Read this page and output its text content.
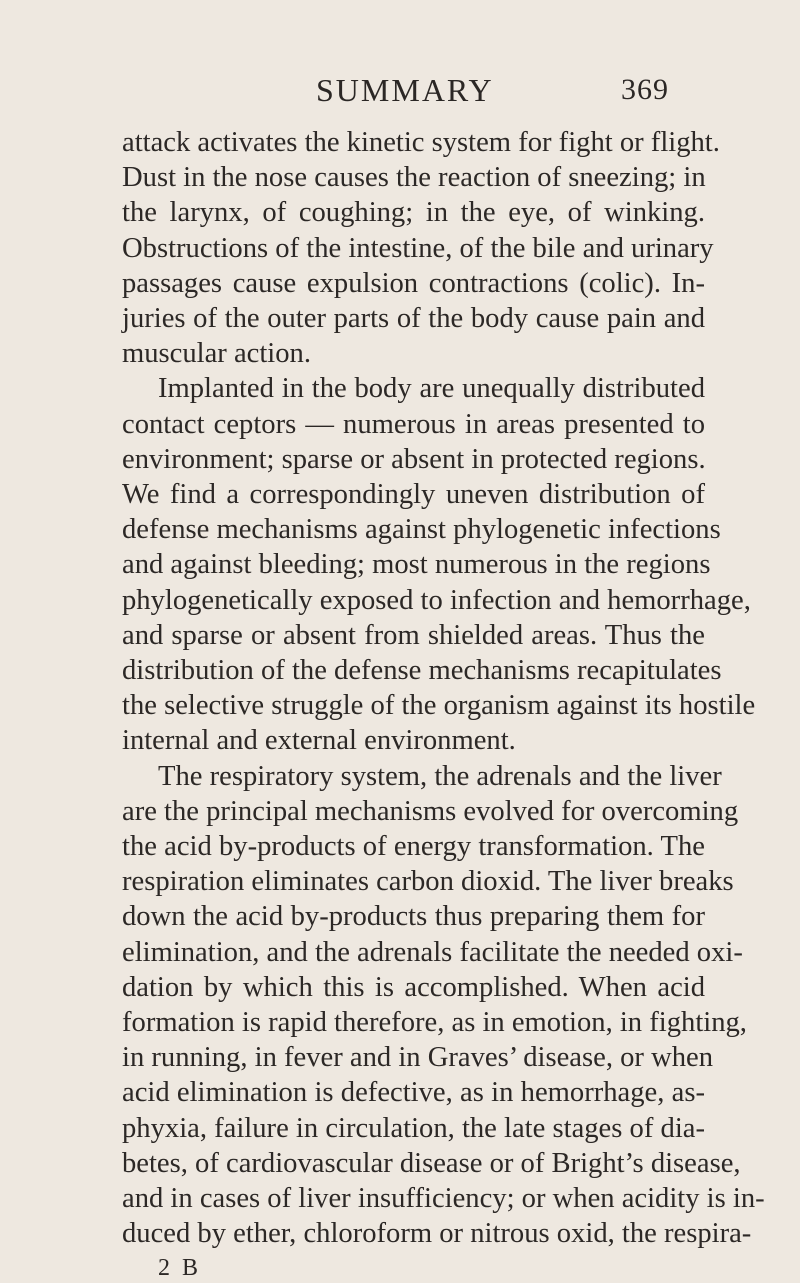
SUMMARY	369
attack activates the kinetic system for fight or flight.
Dust in the nose causes the reaction of sneezing; in
the larynx, of coughing; in the eye, of winking.
Obstructions of the intestine, of the bile and urinary
passages cause expulsion contractions (colic). In-
juries of the outer parts of the body cause pain and
muscular action.
Implanted in the body are unequally distributed
contact ceptors — numerous in areas presented to
environment; sparse or absent in protected regions.
We find a correspondingly uneven distribution of
defense mechanisms against phylogenetic infections
and against bleeding; most numerous in the regions
phylogenetically exposed to infection and hemorrhage,
and sparse or absent from shielded areas. Thus the
distribution of the defense mechanisms recapitulates
the selective struggle of the organism against its hostile
internal and external environment.
The respiratory system, the adrenals and the liver
are the principal mechanisms evolved for overcoming
the acid by-products of energy transformation. The
respiration eliminates carbon dioxid. The liver breaks
down the acid by-products thus preparing them for
elimination, and the adrenals facilitate the needed oxi-
dation by which this is accomplished. When acid
formation is rapid therefore, as in emotion, in fighting,
in running, in fever and in Graves’ disease, or when
acid elimination is defective, as in hemorrhage, as-
phyxia, failure in circulation, the late stages of dia-
betes, of cardiovascular disease or of Bright’s disease,
and in cases of liver insufficiency; or when acidity is in-
duced by ether, chloroform or nitrous oxid, the respira-
2 B
